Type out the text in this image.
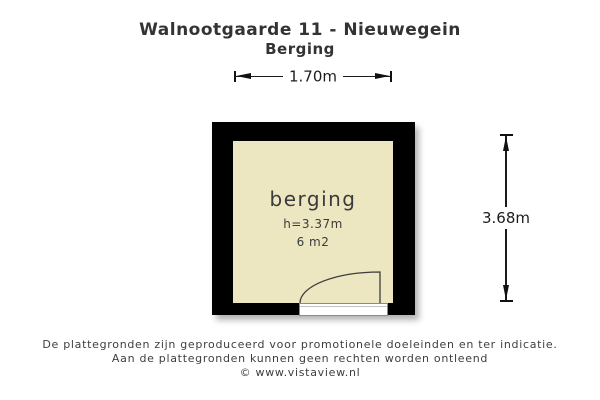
Walnootgaarde 11 - Nieuwegein
Berging
1.70m
berging
h=3.37m
6 m2
3.68m
De plattegronden zijn geproduceerd voor promotionele doeleinden en ter indicatie.
Aan de plattegronden kunnen geen rechten worden ontleend
© www.vistaview.nl
